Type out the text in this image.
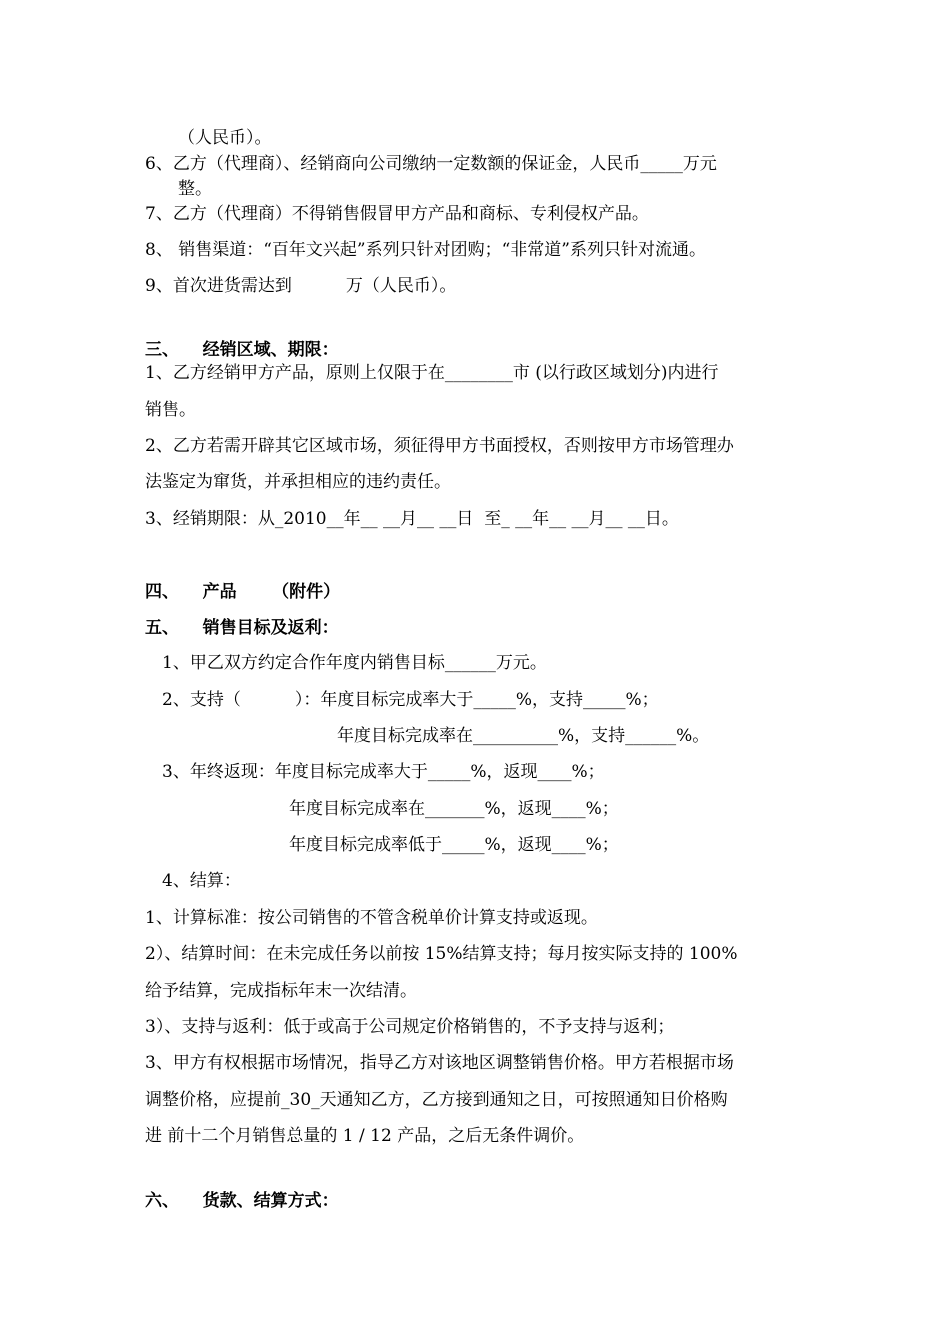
（人民币）。
6、乙方（代理商）、经销商向公司缴纳一定数额的保证金，人民币_____万元
整。
7、乙方（代理商）不得销售假冒甲方产品和商标、专利侵权产品。
8、 销售渠道：“百年文兴起”系列只针对团购；“非常道”系列只针对流通。
9、首次进货需达到          万（人民币）。
三、    经销区域、期限：
1、乙方经销甲方产品，原则上仅限于在________市 (以行政区域划分)内进行
销售。
2、乙方若需开辟其它区域市场，须征得甲方书面授权，否则按甲方市场管理办
法鉴定为窜货，并承担相应的违约责任。
3、经销期限：从_2010__年__ __月__ __日  至_ __年__ __月__ __日。
四、    产品      （附件）
五、    销售目标及返利：
1、甲乙双方约定合作年度内销售目标______万元。
2、支持（          ）：年度目标完成率大于_____%，支持_____%；
年度目标完成率在__________%，支持______%。
3、年终返现：年度目标完成率大于_____%，返现____%；
年度目标完成率在_______%，返现____%；
年度目标完成率低于_____%，返现____%；
4、结算：
1、计算标准：按公司销售的不管含税单价计算支持或返现。
2）、结算时间：在未完成任务以前按 15%结算支持；每月按实际支持的 100%
给予结算，完成指标年末一次结清。
3）、支持与返利：低于或高于公司规定价格销售的，不予支持与返利；
3、甲方有权根据市场情况，指导乙方对该地区调整销售价格。甲方若根据市场
调整价格，应提前_30_天通知乙方，乙方接到通知之日，可按照通知日价格购
进 前十二个月销售总量的 1 / 12 产品，之后无条件调价。
六、    货款、结算方式：
